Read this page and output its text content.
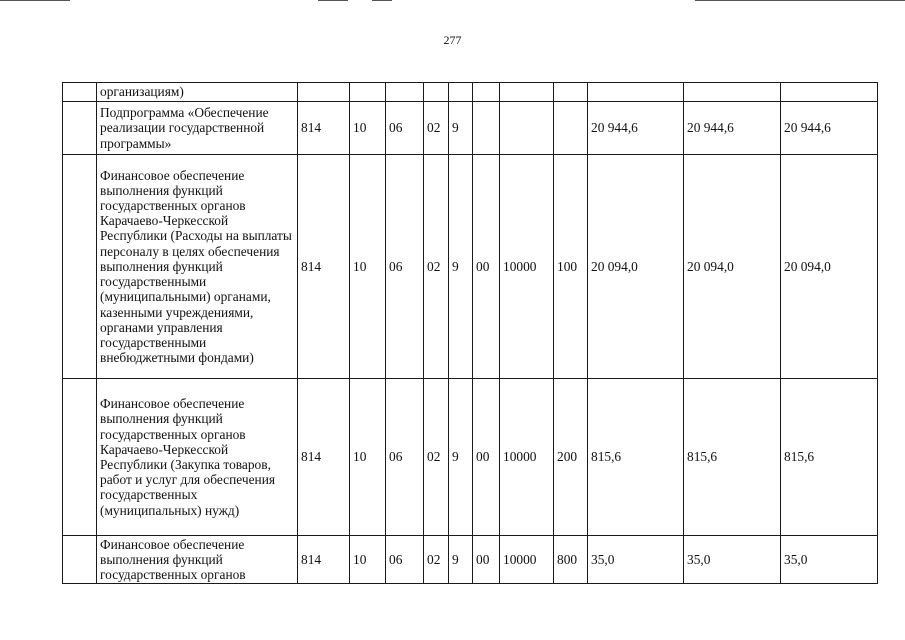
277

	организациям)											

	Подпрограмма «Обеспечение реализации государственной программы»	814	10	06	02	9				20 944,6	20 944,6	20 944,6

	Финансовое обеспечение выполнения функций государственных органов Карачаево-Черкесской Республики (Расходы на выплаты персоналу в целях обеспечения выполнения функций государственными (муниципальными) органами, казенными учреждениями, органами управления государственными внебюджетными фондами)	814	10	06	02	9	00	10000	100	20 094,0	20 094,0	20 094,0

	Финансовое обеспечение выполнения функций государственных органов Карачаево-Черкесской Республики (Закупка товаров, работ и услуг для обеспечения государственных (муниципальных) нужд)	814	10	06	02	9	00	10000	200	815,6	815,6	815,6

	Финансовое обеспечение выполнения функций государственных органов	814	10	06	02	9	00	10000	800	35,0	35,0	35,0
